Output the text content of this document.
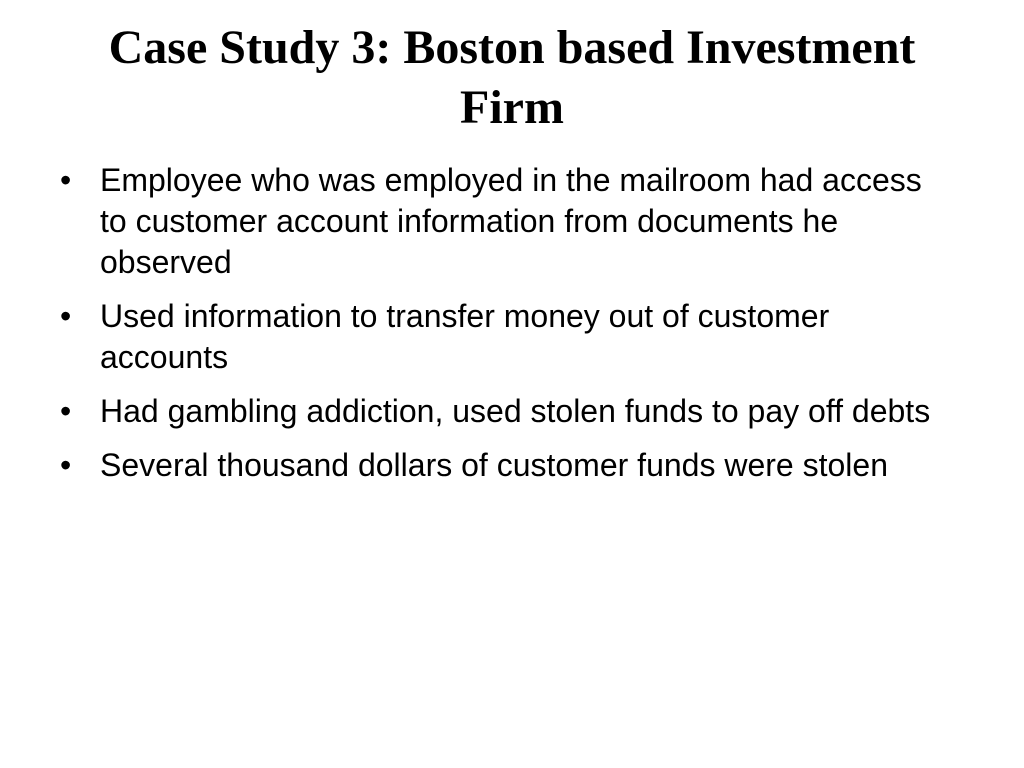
Case Study 3: Boston based Investment Firm
• Employee who was employed in the mailroom had access to customer account information from documents he observed
• Used information to transfer money out of customer accounts
• Had gambling addiction, used stolen funds to pay off debts
• Several thousand dollars of customer funds were stolen
